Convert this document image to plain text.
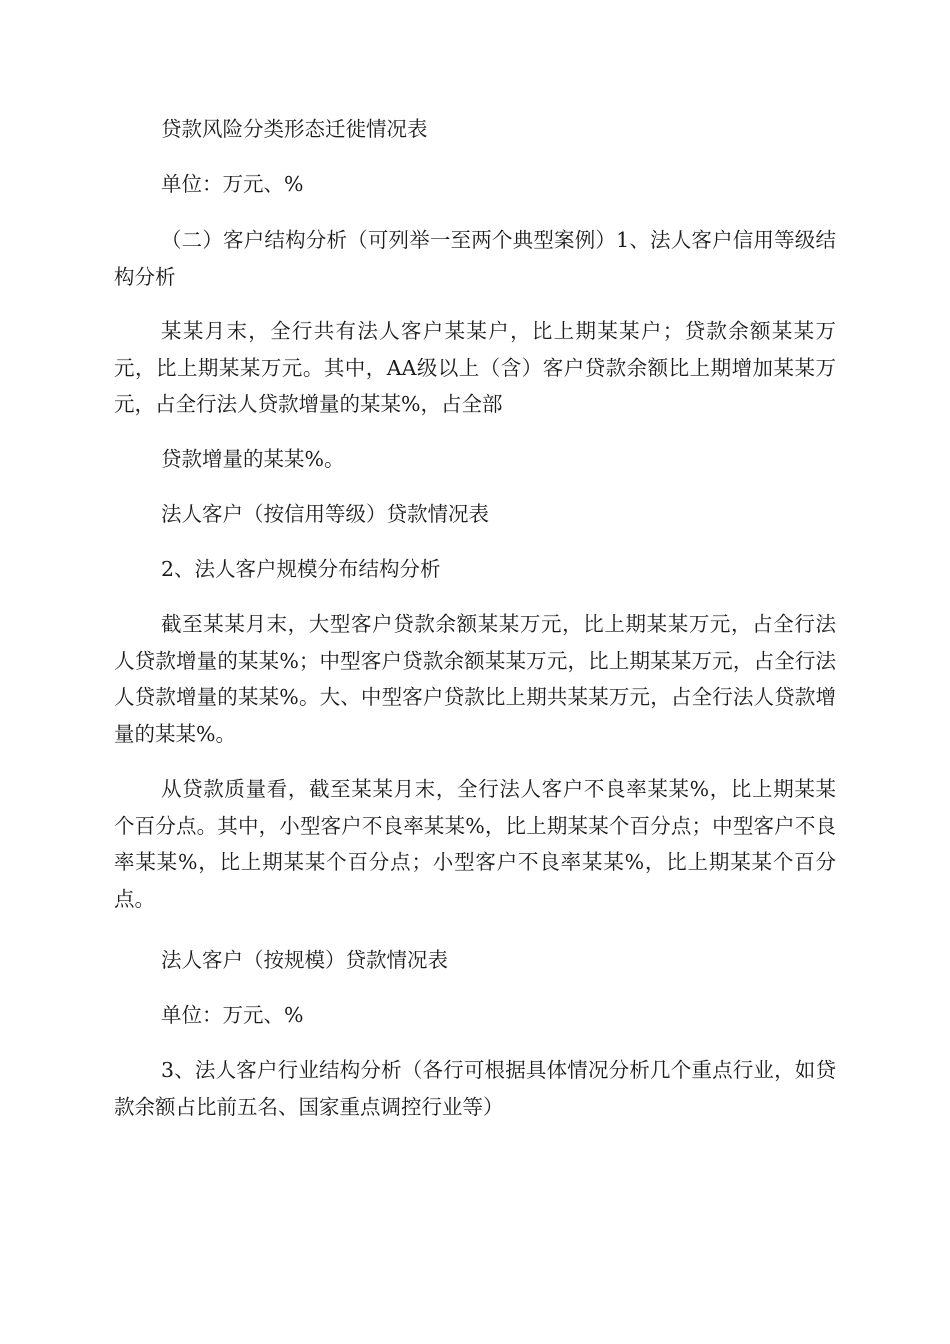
贷款风险分类形态迁徙情况表

单位：万元、%

（二）客户结构分析（可列举一至两个典型案例）1、法人客户信用等级结构分析

某某月末，全行共有法人客户某某户，比上期某某户；贷款余额某某万元，比上期某某万元。其中，AA级以上（含）客户贷款余额比上期增加某某万元，占全行法人贷款增量的某某%，占全部

贷款增量的某某%。

法人客户（按信用等级）贷款情况表

2、法人客户规模分布结构分析

截至某某月末，大型客户贷款余额某某万元，比上期某某万元，占全行法人贷款增量的某某%；中型客户贷款余额某某万元，比上期某某万元，占全行法人贷款增量的某某%。大、中型客户贷款比上期共某某万元，占全行法人贷款增量的某某%。

从贷款质量看，截至某某月末，全行法人客户不良率某某%，比上期某某个百分点。其中，小型客户不良率某某%，比上期某某个百分点；中型客户不良率某某%，比上期某某个百分点；小型客户不良率某某%，比上期某某个百分点。

法人客户（按规模）贷款情况表

单位：万元、%

3、法人客户行业结构分析（各行可根据具体情况分析几个重点行业，如贷款余额占比前五名、国家重点调控行业等）
